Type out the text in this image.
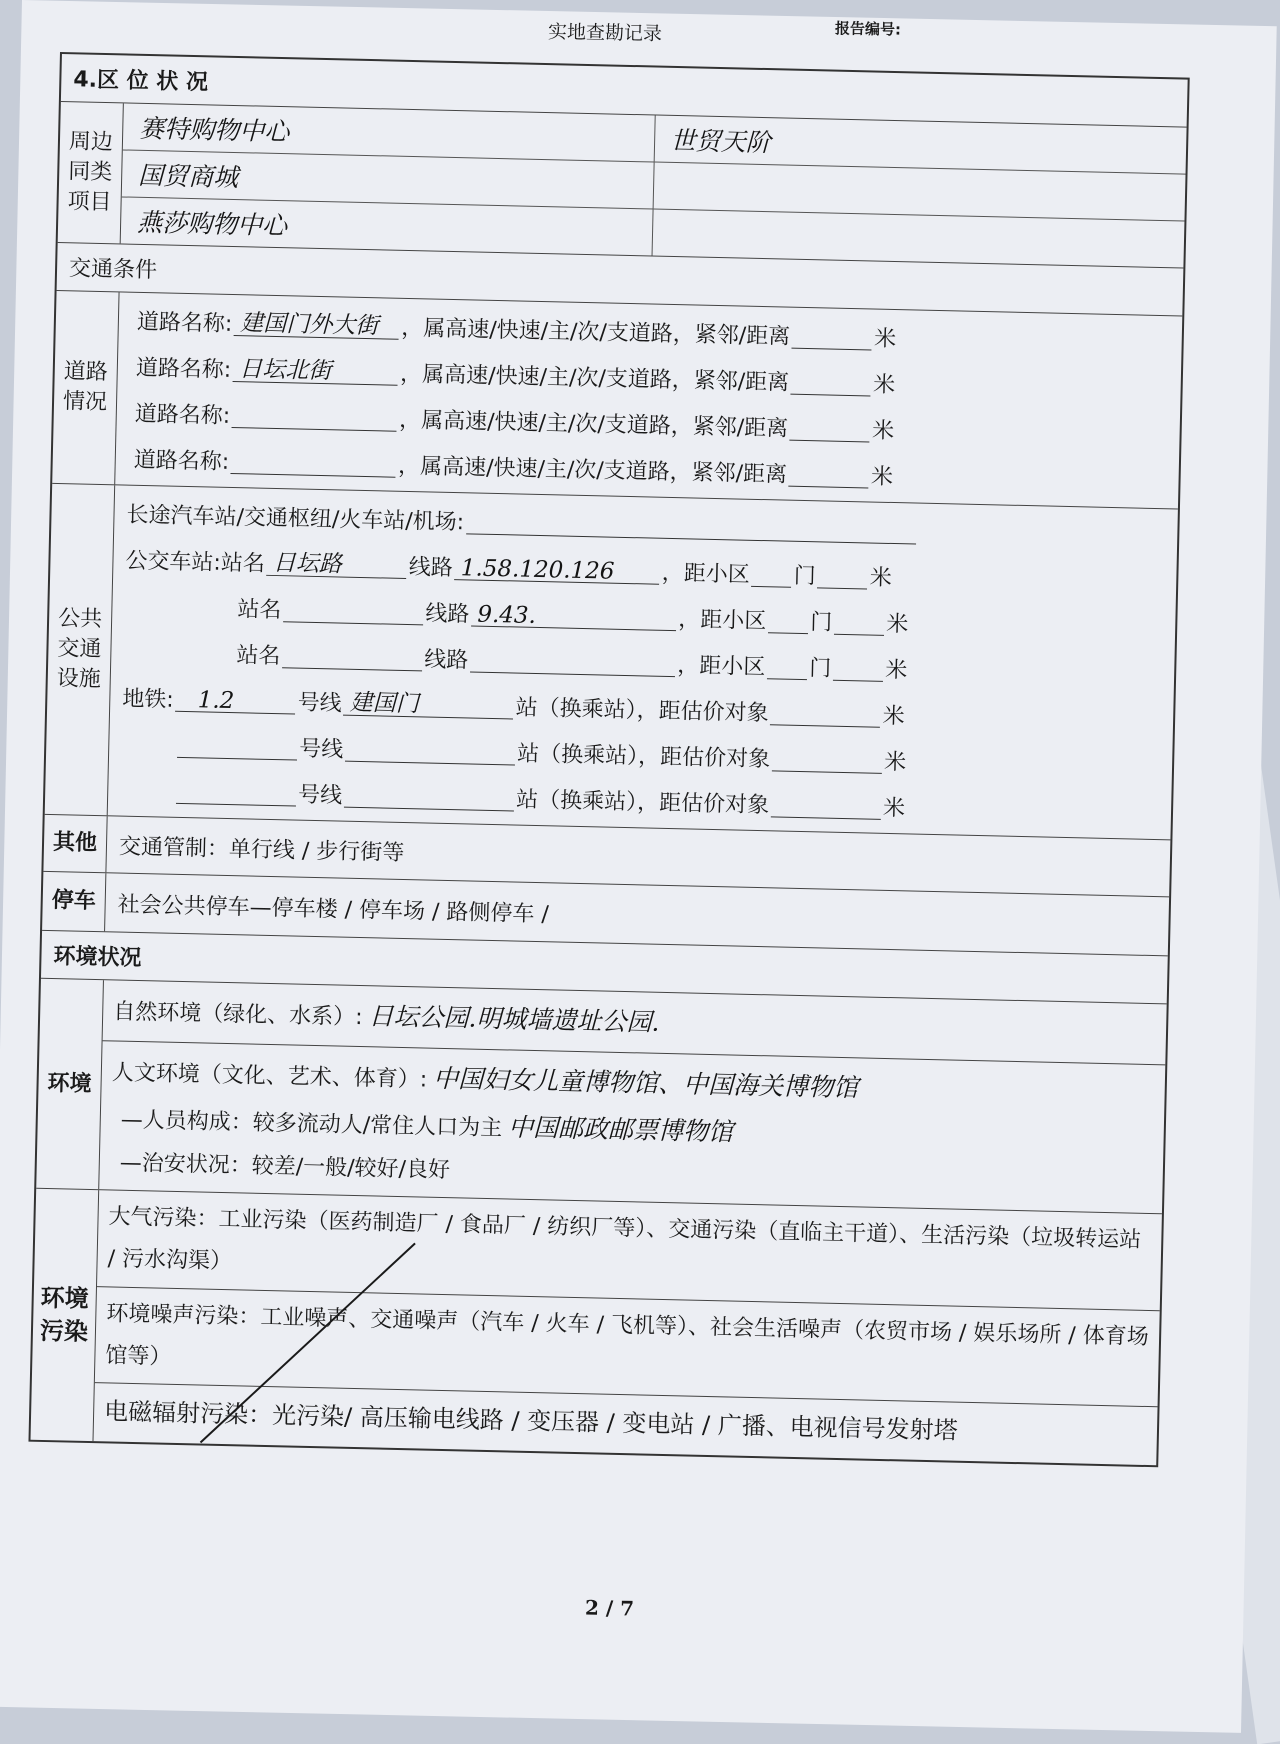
实地查勘记录	报告编号:
4.区 位 状 况
周边同类项目
赛特购物中心	世贸天阶
国贸商城
燕莎购物中心
交通条件
道路情况
道路名称: 建国门外大街 ，属高速/快速/主/次/支道路，紧邻/距离	米
道路名称: 日坛北街	，属高速/快速/主/次/支道路，紧邻/距离	米
道路名称:	，属高速/快速/主/次/支道路，紧邻/距离	米
道路名称:	，属高速/快速/主/次/支道路，紧邻/距离	米
公共交通设施
长途汽车站/交通枢纽/火车站/机场:
公交车站: 站名 日坛路	线路 1.58.120.126 ，距小区 门 米
站名	线路 9.43.	，距小区 门 米
站名	线路	，距小区 门 米
地铁: 1.2	号线 建国门	站（换乘站），距估价对象	米
号线	站（换乘站），距估价对象	米
号线	站（换乘站），距估价对象	米
其他 交通管制：单行线 / 步行街等
停车 社会公共停车—停车楼 / 停车场 / 路侧停车 /
环境状况
环境
自然环境（绿化、水系）: 日坛公园.明城墙遗址公园.
人文环境（文化、艺术、体育）: 中国妇女儿童博物馆、中国海关博物馆
—人员构成：较多流动人/常住人口为主 中国邮政邮票博物馆
—治安状况：较差/一般/较好/良好
环境污染
大气污染：工业污染（医药制造厂 / 食品厂 / 纺织厂等）、交通污染（直临主干道）、生活污染（垃圾转运站 / 污水沟渠）
环境噪声污染：工业噪声、交通噪声（汽车 / 火车 / 飞机等）、社会生活噪声（农贸市场 / 娱乐场所 / 体育场馆等）
电磁辐射污染：光污染/ 高压输电线路 / 变压器 / 变电站 / 广播、电视信号发射塔
2 / 7
